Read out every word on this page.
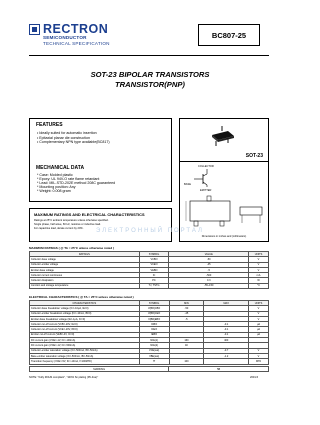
RECTRON
SEMICONDUCTOR
TECHNICAL SPECIFICATION
BC807-25
SOT-23 BIPOLAR TRANSISTORS
TRANSISTOR(PNP)
FEATURES
• Ideally suited for automatic insertion
• Epitaxial planar die construction
• Complementary NPN type available(BC817)
MECHANICAL DATA
* Case: Molded plastic
* Epoxy: UL 94V-O rate flame retardant
* Lead: MIL-STD-202E method 208C guaranteed
* Mounting position: Any
* Weight: 0.008 gram
SOT-23
COLLECTOR
BASE
EMITTER
Dimensions in inches and (millimeters)
MAXIMUM RATINGS AND ELECTRICAL CHARACTERISTICS
Ratings at 25°C ambient temperature unless otherwise specified.
Single phase, half wave, 60 Hz, resistive or inductive load.
For capacitive load, derate current by 20%. ЭЛЕКТРОННЫЙ ПОРТАЛ
MAXIMUM RATINGS ( @ TA = 25°C unless otherwise noted )
RATINGS	SYMBOL	VALUE	UNITS
Collector-base voltage	VCBO	-50	V
Collector-emitter voltage	VCEO	-45	V
Emitter-base voltage	VEBO	-5	V
Collector current continuous	IC	-500	mA
Collector dissipation	PC	0.3	W
Junction and storage temperature	TJ, TSTG	-55~150	°C
ELECTRICAL CHARACTERISTICS ( @ TA = 25°C unless otherwise noted )
CHARACTERISTICS	SYMBOL	MIN	MAX	UNITS
Collector-base breakdown voltage (IC=-10μA, IE=0)	V(BR)CBO	-50		V
Collector-emitter breakdown voltage (IC=-10mA, IB=0)	V(BR)CEO	-45		V
Emitter-base breakdown voltage (IE=-1μA, IC=0)	V(BR)EBO	-5		V
Collector cut-off current (VCB=-20V, IE=0)	ICBO		-0.1	μA
Collector cut-off current (VCE=-20V, IB=0)	ICEO		-0.1	μA
Emitter cut-off current (VEB=-4V, IC=0)	IEBO		-0.1	μA
DC current gain (VCE=-1V, IC=-100mA)	hFE(1)	160	400	
DC current gain (VCE=-1V, IC=-500mA)	hFE(2)	40		
Collector-emitter saturation voltage (IC=-500mA, IB=-50mA)	VCE(sat)		-0.7	V
Base-emitter saturation voltage (IC=-500mA, IB=-50mA)	VBE(sat)		-1.2	V
Transition frequency (VCE=-5V, IC=-10mA, f=100MHz)	fT	100		MHz
MARKING	5B
NOTE: "Fully ROHS compliant", "100% Sn plating (Pb-free)"	2001-5
